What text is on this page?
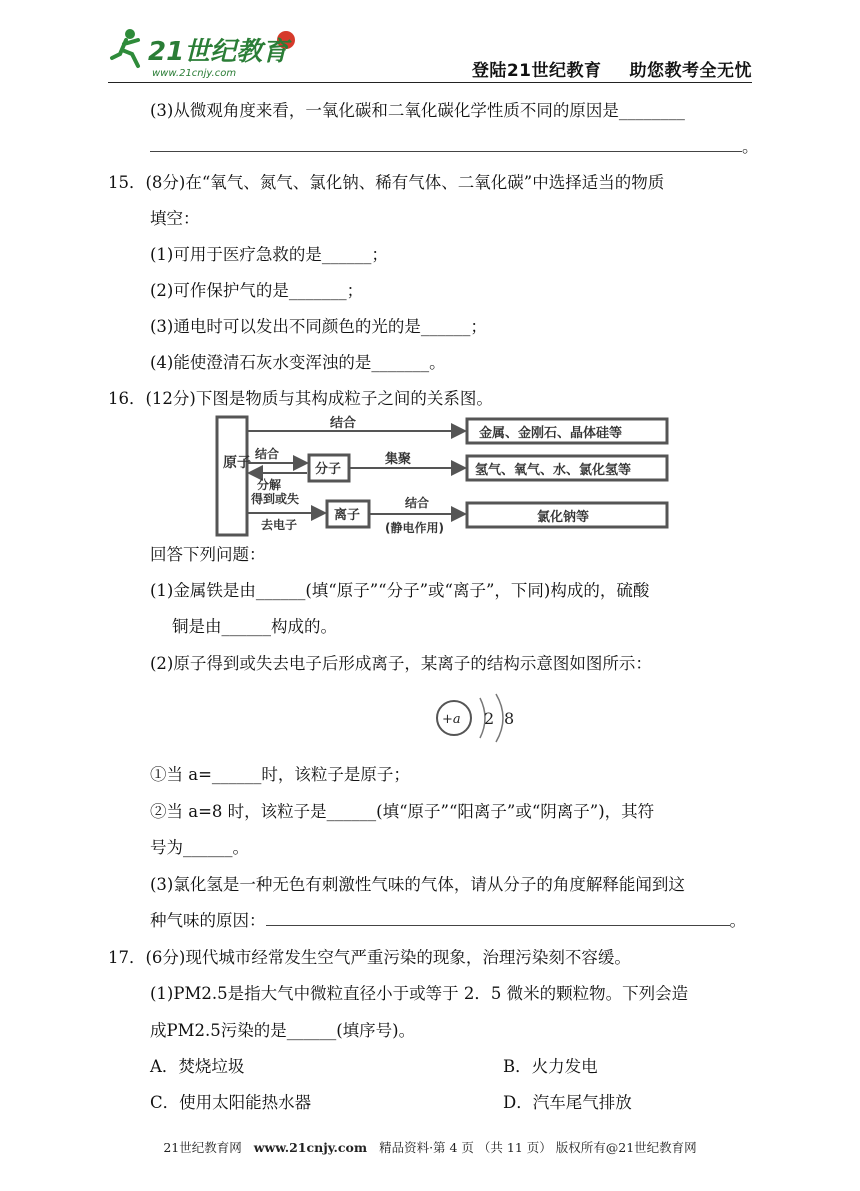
21世纪教育
www.21cnjy.com	登陆21世纪教育 助您教考全无忧
(3)从微观角度来看，一氧化碳和二氧化碳化学性质不同的原因是________
。
15．(8分)在“氧气、氮气、氯化钠、稀有气体、二氧化碳”中选择适当的物质
填空：
(1)可用于医疗急救的是______；
(2)可作保护气的是_______；
(3)通电时可以发出不同颜色的光的是______；
(4)能使澄清石灰水变浑浊的是_______。
16．(12分)下图是物质与其构成粒子之间的关系图。
原子
结合
金属、金刚石、晶体硅等
结合
分解
分子
集聚
氢气、氧气、水、氯化氢等
得到或失
去电子
离子
结合
(静电作用)
氯化钠等
回答下列问题：
(1)金属铁是由______(填“原子”“分子”或“离子”，下同)构成的，硫酸
铜是由______构成的。
(2)原子得到或失去电子后形成离子，某离子的结构示意图如图所示：
+a 2 8
①当 a=______时，该粒子是原子；
②当 a=8 时，该粒子是______(填“原子”“阳离子”或“阴离子”)，其符
号为______。
(3)氯化氢是一种无色有刺激性气味的气体，请从分子的角度解释能闻到这
种气味的原因：	。
17．(6分)现代城市经常发生空气严重污染的现象，治理污染刻不容缓。
(1)PM2.5是指大气中微粒直径小于或等于 2．5 微米的颗粒物。下列会造
成PM2.5污染的是______(填序号)。
A．焚烧垃圾	B．火力发电
C．使用太阳能热水器	D．汽车尾气排放
21世纪教育网 www.21cnjy.com 精品资料·第 4 页 （共 11 页） 版权所有@21世纪教育网
